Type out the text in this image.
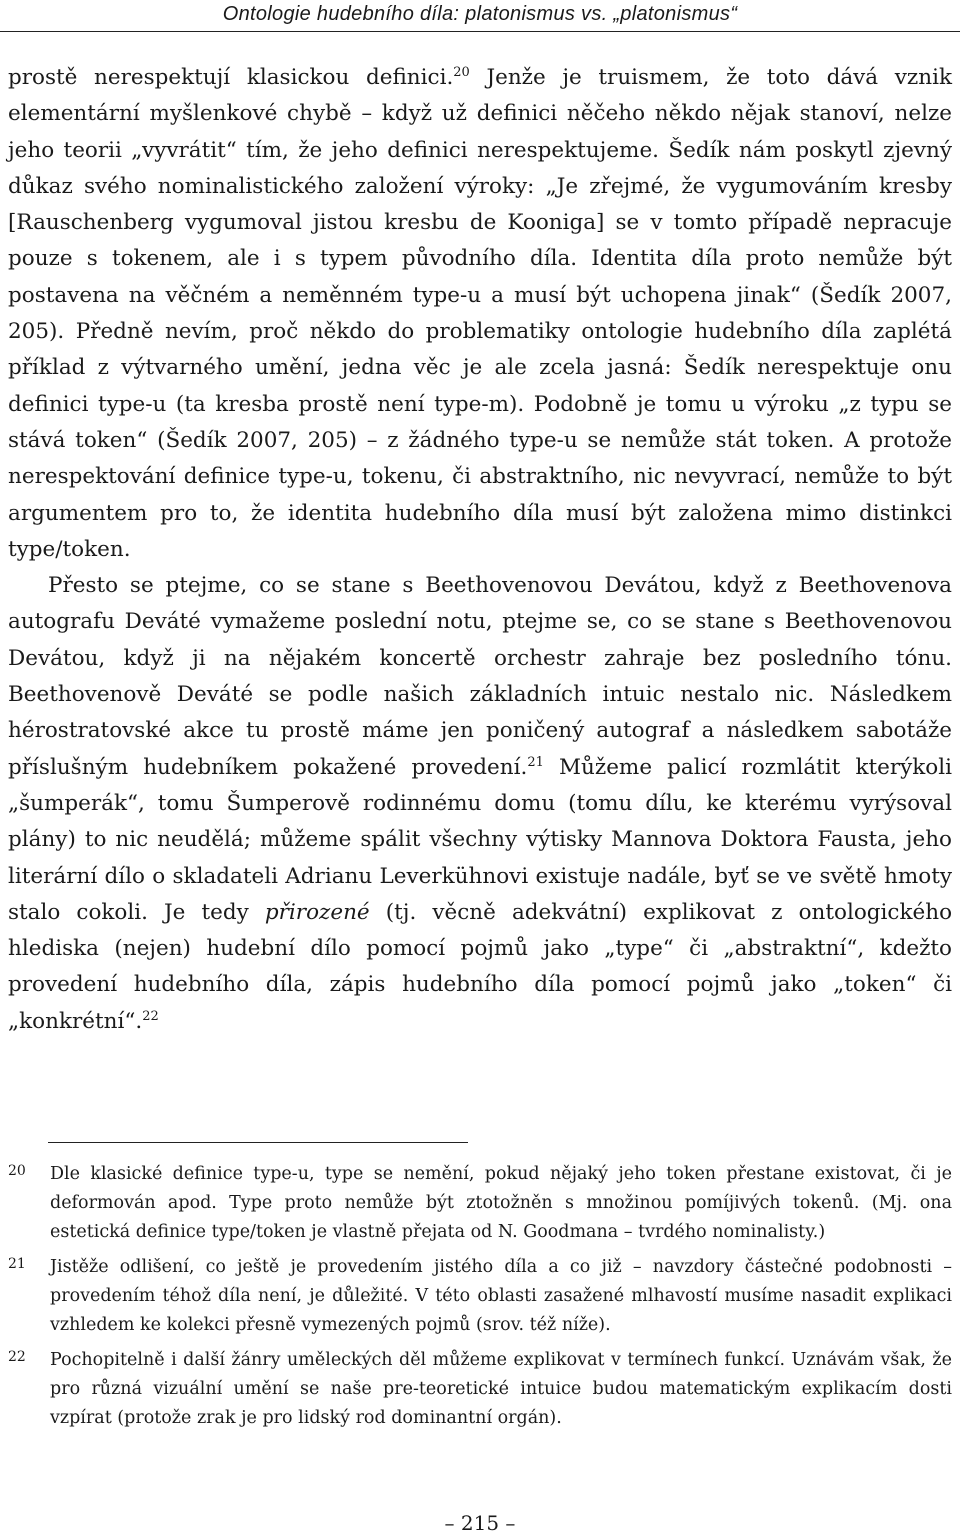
Ontologie hudebního díla: platonismus vs. „platonismus“

prostě nerespektují klasickou definici.$^{20}$ Jenže je truismem, že toto dává vznik elementární myšlenkové chybě – když už definici něčeho někdo nějak stanoví, nelze jeho teorii „vyvrátit“ tím, že jeho definici nerespektujeme. Šedík nám poskytl zjevný důkaz svého nominalistického založení výroky: „Je zřejmé, že vygumováním kresby [Rauschenberg vygumoval jistou kresbu de Kooniga] se v tomto případě nepracuje pouze s tokenem, ale i s typem původního díla. Identita díla proto nemůže být postavena na věčném a neměnném type-u a musí být uchopena jinak“ (Šedík 2007, 205). Předně nevím, proč někdo do problematiky ontologie hudebního díla zaplétá příklad z výtvarného umění, jedna věc je ale zcela jasná: Šedík nerespektuje onu definici type-u (ta kresba prostě není type-m). Podobně je tomu u výroku „z typu se stává token“ (Šedík 2007, 205) – z žádného type-u se nemůže stát token. A protože nerespektování definice type-u, tokenu, či abstraktního, nic nevyvrací, nemůže to být argumentem pro to, že identita hudebního díla musí být založena mimo distinkci type/token.

Přesto se ptejme, co se stane s Beethovenovou Devátou, když z Beethovenova autografu Deváté vymažeme poslední notu, ptejme se, co se stane s Beethovenovou Devátou, když ji na nějakém koncertě orchestr zahraje bez posledního tónu. Beethovenově Deváté se podle našich základních intuic nestalo nic. Následkem hérostratovské akce tu prostě máme jen poničený autograf a následkem sabotáže příslušným hudebníkem pokažené provedení.$^{21}$ Můžeme palicí rozmlátit kterýkoli „šumperák“, tomu Šumperově rodinnému domu (tomu dílu, ke kterému vyrýsoval plány) to nic neudělá; můžeme spálit všechny výtisky Mannova Doktora Fausta, jeho literární dílo o skladateli Adrianu Leverkühnovi existuje nadále, byť se ve světě hmoty stalo cokoli. Je tedy přirozené (tj. věcně adekvátní) explikovat z ontologického hlediska (nejen) hudební dílo pomocí pojmů jako „type“ či „abstraktní“, kdežto provedení hudebního díla, zápis hudebního díla pomocí pojmů jako „token“ či „konkrétní“.$^{22}$

20	Dle klasické definice type-u, type se nemění, pokud nějaký jeho token přestane existovat, či je deformován apod. Type proto nemůže být ztotožněn s množinou pomíjivých tokenů. (Mj. ona estetická definice type/token je vlastně přejata od N. Goodmana – tvrdého nominalisty.)
21	Jistěže odlišení, co ještě je provedením jistého díla a co již – navzdory částečné podobnosti – provedením téhož díla není, je důležité. V této oblasti zasažené mlhavostí musíme nasadit explikaci vzhledem ke kolekci přesně vymezených pojmů (srov. též níže).
22	Pochopitelně i další žánry uměleckých děl můžeme explikovat v termínech funkcí. Uznávám však, že pro různá vizuální umění se naše pre-teoretické intuice budou matematickým explikacím dosti vzpírat (protože zrak je pro lidský rod dominantní orgán).
– 215 –
